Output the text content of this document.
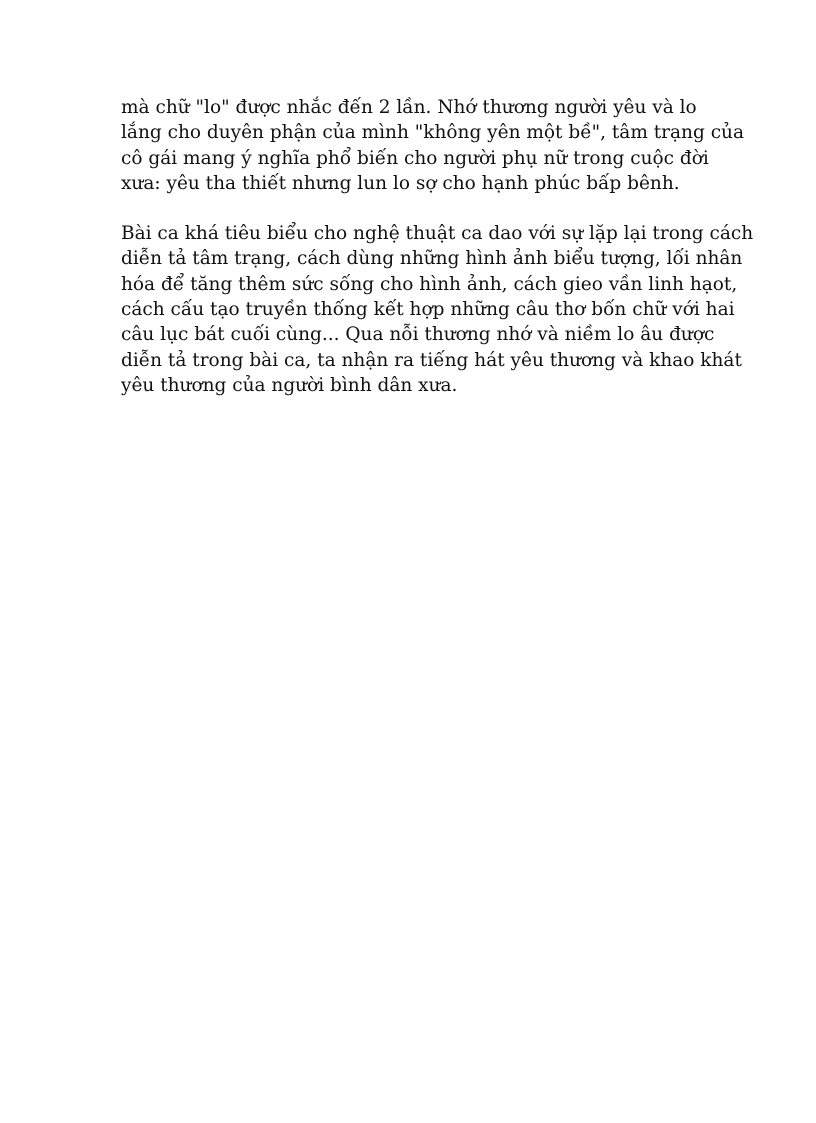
mà chữ "lo" được nhắc đến 2 lần. Nhớ thương người yêu và lo
lắng cho duyên phận của mình "không yên một bề", tâm trạng của
cô gái mang ý nghĩa phổ biến cho người phụ nữ trong cuộc đời
xưa: yêu tha thiết nhưng lun lo sợ cho hạnh phúc bấp bênh.

Bài ca khá tiêu biểu cho nghệ thuật ca dao với sự lặp lại trong cách
diễn tả tâm trạng, cách dùng những hình ảnh biểu tượng, lối nhân
hóa để tăng thêm sức sống cho hình ảnh, cách gieo vần linh hạot,
cách cấu tạo truyền thống kết hợp những câu thơ bốn chữ với hai
câu lục bát cuối cùng... Qua nỗi thương nhớ và niềm lo âu được
diễn tả trong bài ca, ta nhận ra tiếng hát yêu thương và khao khát
yêu thương của người bình dân xưa.
